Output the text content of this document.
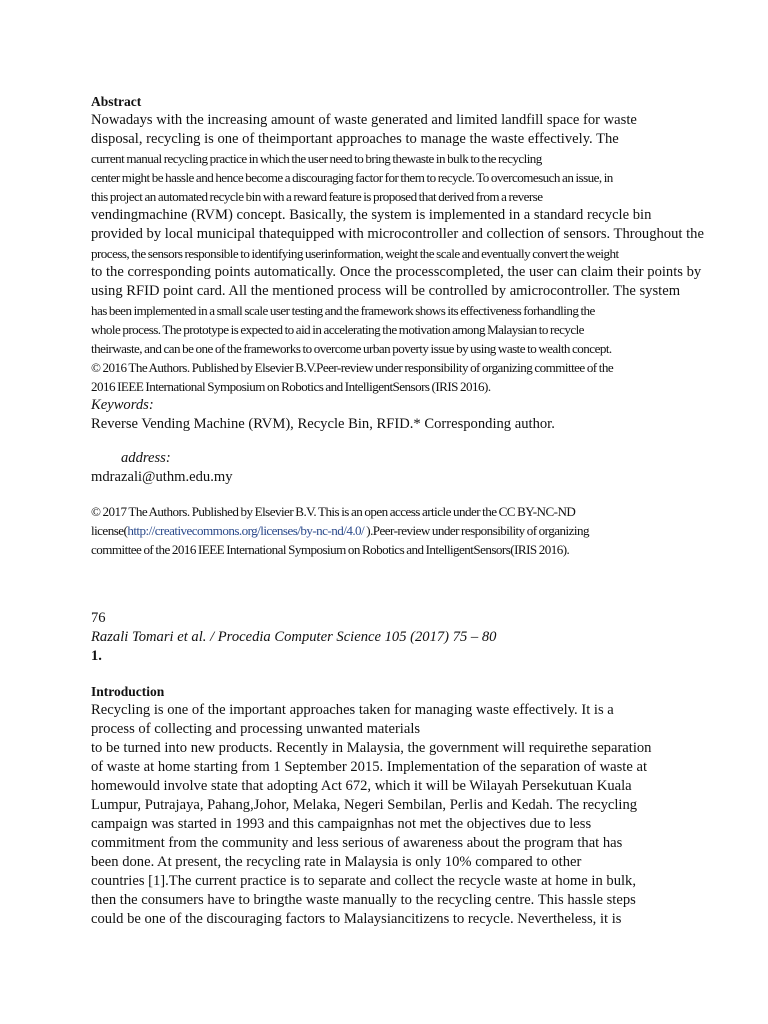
Abstract
Nowadays with the increasing amount of waste generated and limited landfill space for waste
disposal, recycling is one of theimportant approaches to manage the waste effectively. The
current manual recycling practice in which the user need to bring thewaste in bulk to the recycling
center might be hassle and hence become a discouraging factor for them to recycle. To overcomesuch an issue, in
this project an automated recycle bin with a reward feature is proposed that derived from a reverse
vendingmachine (RVM) concept. Basically, the system is implemented in a standard recycle bin
provided by local municipal thatequipped with microcontroller and collection of sensors. Throughout the
process, the sensors responsible to identifying userinformation, weight the scale and eventually convert the weight
to the corresponding points automatically. Once the processcompleted, the user can claim their points by
using RFID point card. All the mentioned process will be controlled by amicrocontroller. The system
has been implemented in a small scale user testing and the framework shows its effectiveness forhandling the
whole process. The prototype is expected to aid in accelerating the motivation among Malaysian to recycle
theirwaste, and can be one of the frameworks to overcome urban poverty issue by using waste to wealth concept.
© 2016 The Authors. Published by Elsevier B.V.Peer-review under responsibility of organizing committee of the
2016 IEEE International Symposium on Robotics and IntelligentSensors (IRIS 2016).
Keywords:
Reverse Vending Machine (RVM), Recycle Bin, RFID.* Corresponding author.
address:
mdrazali@uthm.edu.my
© 2017 The Authors. Published by Elsevier B.V. This is an open access article under the CC BY-NC-ND
license(http://creativecommons.org/licenses/by-nc-nd/4.0/ ).Peer-review under responsibility of organizing
committee of the 2016 IEEE International Symposium on Robotics and IntelligentSensors(IRIS 2016).
76
Razali Tomari et al. / Procedia Computer Science 105 (2017) 75 – 80
1.
Introduction
Recycling is one of the important approaches taken for managing waste effectively. It is a
process of collecting and processing unwanted materials
to be turned into new products. Recently in Malaysia, the government will requirethe separation
of waste at home starting from 1 September 2015. Implementation of the separation of waste at
homewould involve state that adopting Act 672, which it will be Wilayah Persekutuan Kuala
Lumpur, Putrajaya, Pahang,Johor, Melaka, Negeri Sembilan, Perlis and Kedah. The recycling
campaign was started in 1993 and this campaignhas not met the objectives due to less
commitment from the community and less serious of awareness about the program that has
been done. At present, the recycling rate in Malaysia is only 10% compared to other
countries [1].The current practice is to separate and collect the recycle waste at home in bulk,
then the consumers have to bringthe waste manually to the recycling centre. This hassle steps
could be one of the discouraging factors to Malaysiancitizens to recycle. Nevertheless, it is
